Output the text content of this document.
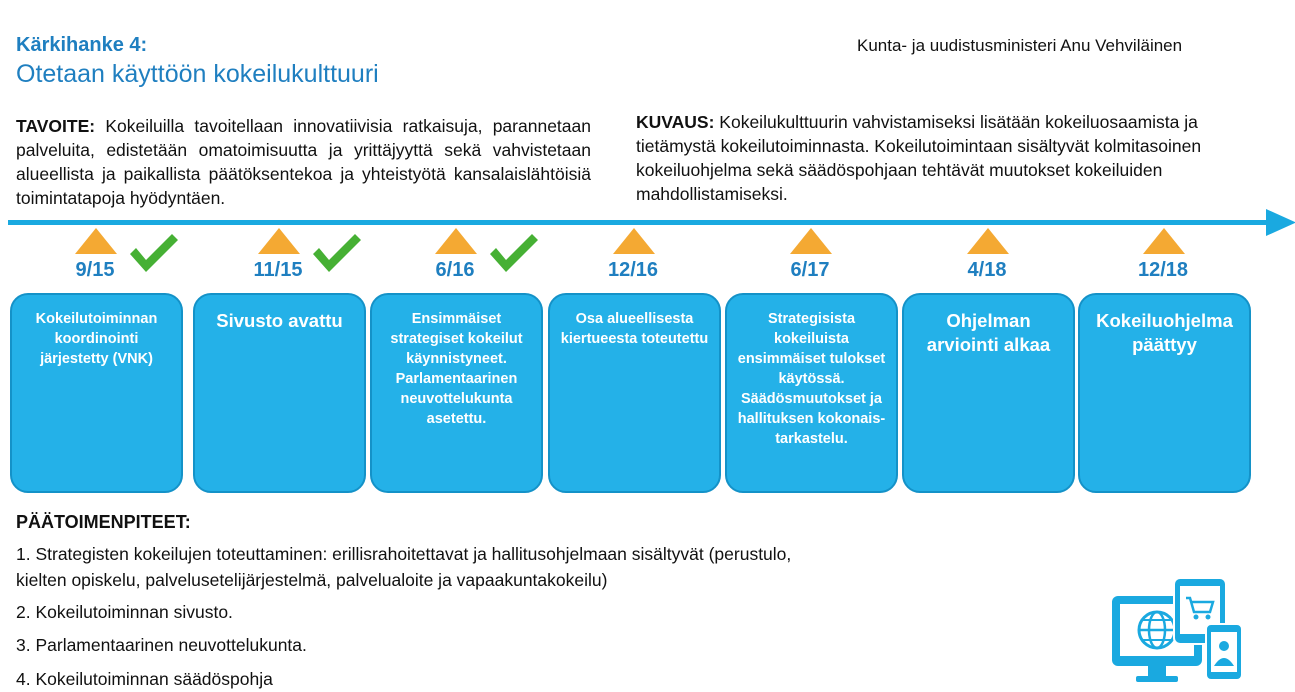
Kärkihanke 4:
Otetaan käyttöön kokeilukulttuuri
Kunta- ja uudistusministeri Anu Vehviläinen
TAVOITE: Kokeiluilla tavoitellaan innovatiivisia ratkaisuja, parannetaan palveluita, edistetään omatoimisuutta ja yrittäjyyttä sekä vahvistetaan alueellista ja paikallista päätöksentekoa ja yhteistyötä kansalaislähtöisiä toimintatapoja hyödyntäen.
KUVAUS: Kokeilukulttuurin vahvistamiseksi lisätään kokeiluosaamista ja tietämystä kokeilutoiminnasta. Kokeilutoimintaan sisältyvät kolmitasoinen kokeiluohjelma sekä säädöspohjaan tehtävät muutokset kokeiluiden mahdollistamiseksi.
9/15
Kokeilutoiminnan koordinointi järjestetty (VNK)
11/15
Sivusto avattu
6/16
Ensimmäiset strategiset kokeilut käynnistyneet. Parlamentaarinen neuvottelukunta asetettu.
12/16
Osa alueellisesta kiertueesta toteutettu
6/17
Strategisista kokeiluista ensimmäiset tulokset käytössä. Säädösmuutokset ja hallituksen kokonais-tarkastelu.
4/18
Ohjelman arviointi alkaa
12/18
Kokeiluohjelma päättyy
PÄÄTOIMENPITEET:
1. Strategisten kokeilujen toteuttaminen: erillisrahoitettavat ja hallitusohjelmaan sisältyvät (perustulo, kielten opiskelu, palvelusetelijärjestelmä, palvelualoite ja vapaakuntakokeilu)
2. Kokeilutoiminnan sivusto.
3. Parlamentaarinen neuvottelukunta.
4. Kokeilutoiminnan säädöspohja
